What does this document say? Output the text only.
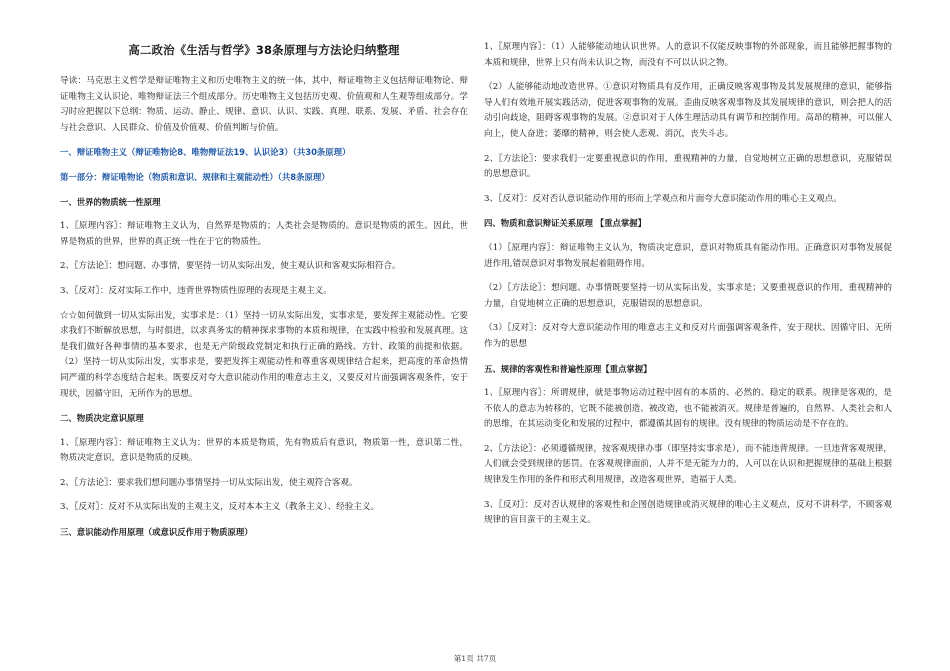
高二政治《生活与哲学》38条原理与方法论归纳整理

导读：马克思主义哲学是辩证唯物主义和历史唯物主义的统一体，其中，辩证唯物主义包括辩证唯物论、辩证唯物主义认识论、唯物辩证法三个组成部分。历史唯物主义包括历史观、价值观和人生观等组成部分。学习时应把握以下总纲：物质、运动、静止、规律、意识、认识、实践、真理、联系、发展、矛盾、社会存在与社会意识、人民群众、价值及价值观、价值判断与价值。

一、辩证唯物主义（辩证唯物论8、唯物辩证法19、认识论3）（共30条原理）

第一部分：辩证唯物论（物质和意识、规律和主观能动性）（共8条原理）

一、世界的物质统一性原理

1、〖原理内容〗：辩证唯物主义认为，自然界是物质的；人类社会是物质的。意识是物质的派生。因此，世界是物质的世界，世界的真正统一性在于它的物质性。

2、〖方法论〗：想问题、办事情，要坚持一切从实际出发，使主观认识和客观实际相符合。

3、〖反对〗：反对实际工作中，违背世界物质性原理的表现是主观主义。

☆☆如何做到一切从实际出发，实事求是：（1）坚持一切从实际出发，实事求是，要发挥主观能动性。它要求我们不断解放思想，与时俱进，以求真务实的精神探求事物的本质和规律，在实践中检验和发展真理。这是我们做好各种事情的基本要求，也是无产阶级政党制定和执行正确的路线、方针、政策的前提和依据。（2）坚持一切从实际出发，实事求是，要把发挥主观能动性和尊重客观规律结合起来，把高度的革命热情同严谨的科学态度结合起来。既要反对夸大意识能动作用的唯意志主义，又要反对片面强调客观条件，安于现状，因循守旧，无所作为的思想。

二、物质决定意识原理

1、〖原理内容〗：辩证唯物主义认为：世界的本质是物质，先有物质后有意识，物质第一性，意识第二性，物质决定意识，意识是物质的反映。

2、〖方法论〗：要求我们想问题办事情坚持一切从实际出发，使主观符合客观。

3、〖反对〗：反对不从实际出发的主观主义，反对本本主义（教条主义）、经验主义。

三、意识能动作用原理（或意识反作用于物质原理）

1、〖原理内容〗：（1）人能够能动地认识世界。人的意识不仅能反映事物的外部现象，而且能够把握事物的本质和规律，世界上只有尚未认识之物，而没有不可以认识之物。

（2）人能够能动地改造世界。①意识对物质具有反作用，正确反映客观事物及其发展规律的意识，能够指导人们有效地开展实践活动，促进客观事物的发展。歪曲反映客观事物及其发展规律的意识，则会把人的活动引向歧途，阻碍客观事物的发展。②意识对于人体生理活动具有调节和控制作用。高昂的精神，可以催人向上，使人奋进；萎靡的精神，则会使人悲观、消沉，丧失斗志。

2、〖方法论〗：要求我们一定要重视意识的作用，重视精神的力量，自觉地树立正确的思想意识，克服错误的思想意识。

3、〖反对〗：反对否认意识能动作用的形而上学观点和片面夸大意识能动作用的唯心主义观点。

四、物质和意识辩证关系原理 【重点掌握】

（1）〖原理内容〗：辩证唯物主义认为，物质决定意识，意识对物质具有能动作用。正确意识对事物发展促进作用,错误意识对事物发展起着阻碍作用。

（2）〖方法论〗：想问题、办事情既要坚持一切从实际出发，实事求是；又要重视意识的作用，重视精神的力量，自觉地树立正确的思想意识，克服错误的思想意识。

（3）〖反对〗：反对夸大意识能动作用的唯意志主义和反对片面强调客观条件，安于现状、因循守旧、无所作为的思想

五、规律的客观性和普遍性原理【重点掌握】

1、〖原理内容〗：所谓规律，就是事物运动过程中固有的本质的、必然的、稳定的联系。规律是客观的，是不依人的意志为转移的，它既不能被创造、被改造，也不能被消灭。规律是普遍的，自然界、人类社会和人的思维，在其运动变化和发展的过程中，都遵循其固有的规律。没有规律的物质运动是不存在的。

2、〖方法论〗：必须遵循规律，按客观规律办事（即坚持实事求是），而不能违背规律。一旦违背客观规律，人们就会受到规律的惩罚。在客观规律面前，人并不是无能为力的，人可以在认识和把握规律的基础上根据规律发生作用的条件和形式利用规律，改造客观世界，造福于人类。

3、〖反对〗：反对否认规律的客观性和企图创造规律或消灭规律的唯心主义观点，反对不讲科学，不顾客观规律的盲目蛮干的主观主义。

第1页 共7页
